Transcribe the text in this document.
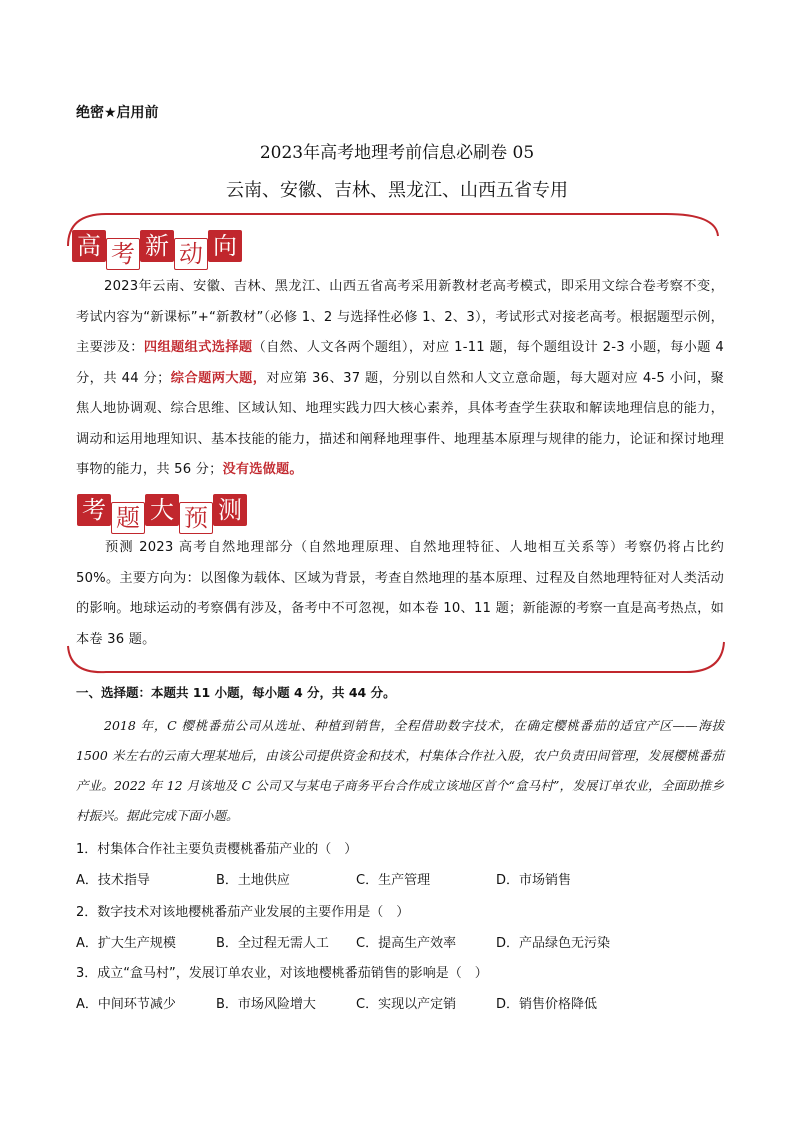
绝密★启用前
2023年高考地理考前信息必刷卷 05
云南、安徽、吉林、黑龙江、山西五省专用
高 考 新 动 向
2023年云南、安徽、吉林、黑龙江、山西五省高考采用新教材老高考模式，即采用文综合卷考察不变，考试内容为“新课标”+“新教材”（必修 1、2 与选择性必修 1、2、3），考试形式对接老高考。根据题型示例，主要涉及：四组题组式选择题（自然、人文各两个题组），对应 1-11 题，每个题组设计 2-3 小题，每小题 4 分，共 44 分；综合题两大题，对应第 36、37 题，分别以自然和人文立意命题，每大题对应 4-5 小问，聚焦人地协调观、综合思维、区域认知、地理实践力四大核心素养，具体考查学生获取和解读地理信息的能力，调动和运用地理知识、基本技能的能力，描述和阐释地理事件、地理基本原理与规律的能力，论证和探讨地理事物的能力，共 56 分；没有选做题。
考 题 大 预 测
预测 2023 高考自然地理部分（自然地理原理、自然地理特征、人地相互关系等）考察仍将占比约 50%。主要方向为：以图像为载体、区域为背景，考查自然地理的基本原理、过程及自然地理特征对人类活动的影响。地球运动的考察偶有涉及，备考中不可忽视，如本卷 10、11 题；新能源的考察一直是高考热点，如本卷 36 题。
一、选择题：本题共 11 小题，每小题 4 分，共 44 分。
2018 年，C 樱桃番茄公司从选址、种植到销售，全程借助数字技术，在确定樱桃番茄的适宜产区——海拔 1500 米左右的云南大理某地后，由该公司提供资金和技术，村集体合作社入股，农户负责田间管理，发展樱桃番茄产业。2022 年 12 月该地及 C 公司又与某电子商务平台合作成立该地区首个“盒马村”，发展订单农业，全面助推乡村振兴。据此完成下面小题。
1．村集体合作社主要负责樱桃番茄产业的（　）
A．技术指导	B．土地供应	C．生产管理	D．市场销售
2．数字技术对该地樱桃番茄产业发展的主要作用是（　）
A．扩大生产规模	B．全过程无需人工	C．提高生产效率	D．产品绿色无污染
3．成立“盒马村”，发展订单农业，对该地樱桃番茄销售的影响是（　）
A．中间环节减少	B．市场风险增大	C．实现以产定销	D．销售价格降低
